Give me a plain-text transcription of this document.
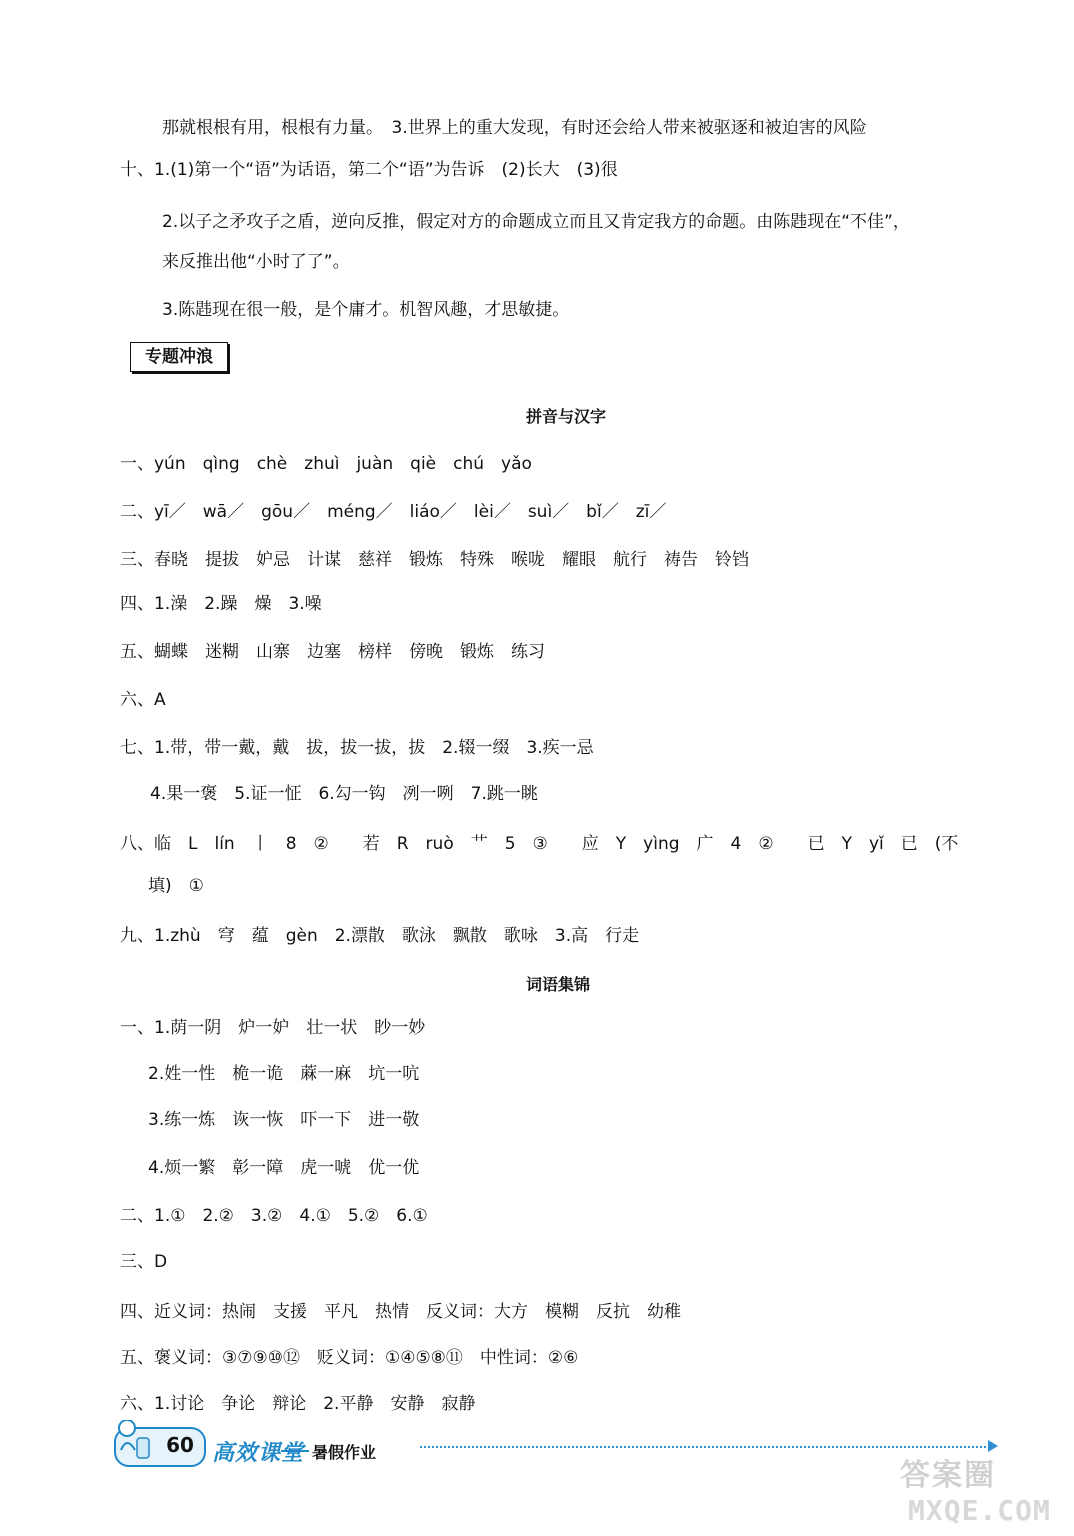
那就根根有用，根根有力量。　3.世界上的重大发现，有时还会给人带来被驱逐和被迫害的风险
十、1.(1)第一个“语”为话语，第二个“语”为告诉　(2)长大　(3)很
2.以子之矛攻子之盾，逆向反推，假定对方的命题成立而且又肯定我方的命题。由陈韪现在“不佳”，
来反推出他“小时了了”。
3.陈韪现在很一般，是个庸才。机智风趣，才思敏捷。
专题冲浪
拼音与汉字
一、yún　qìng　chè　zhuì　juàn　qiè　chú　yǎo
二、yī／　wā／　gōu／　méng／　liáo／　lèi／　suì／　bǐ／　zī／
三、春晓　提拔　妒忌　计谋　慈祥　锻炼　特殊　喉咙　耀眼　航行　祷告　铃铛
四、1.澡　2.躁　燥　3.噪
五、蝴蝶　迷糊　山寨　边塞　榜样　傍晚　锻炼　练习
六、A
七、1.带，带一戴，戴　拔，拔一拔，拔　2.辍一缀　3.疾一忌
4.果一褒　5.证一怔　6.勾一钩　冽一咧　7.跳一眺
八、临　L　lín　丨　8　②　　若　R　ruò　艹　5　③　　应　Y　yìng　广　4　②　　已　Y　yǐ　已　(不
填)　①
九、1.zhù　穹　蕴　gèn　2.漂散　歌泳　飘散　歌咏　3.高　行走
词语集锦
一、1.荫一阴　炉一妒　壮一状　眇一妙
2.姓一性　桅一诡　蔴一麻　坑一吭
3.练一炼　诙一恢　吓一下　进一敬
4.烦一繁　彰一障　虎一唬　优一优
二、1.①　2.②　3.②　4.①　5.②　6.①
三、D
四、近义词：热闹　支援　平凡　热情　反义词：大方　模糊　反抗　幼稚
五、褒义词：③⑦⑨⑩⑫　贬义词：①④⑤⑧⑪　中性词：②⑥
六、1.讨论　争论　辩论　2.平静　安静　寂静
60 高效课堂 暑假作业
答案圈
MXQE.COM
